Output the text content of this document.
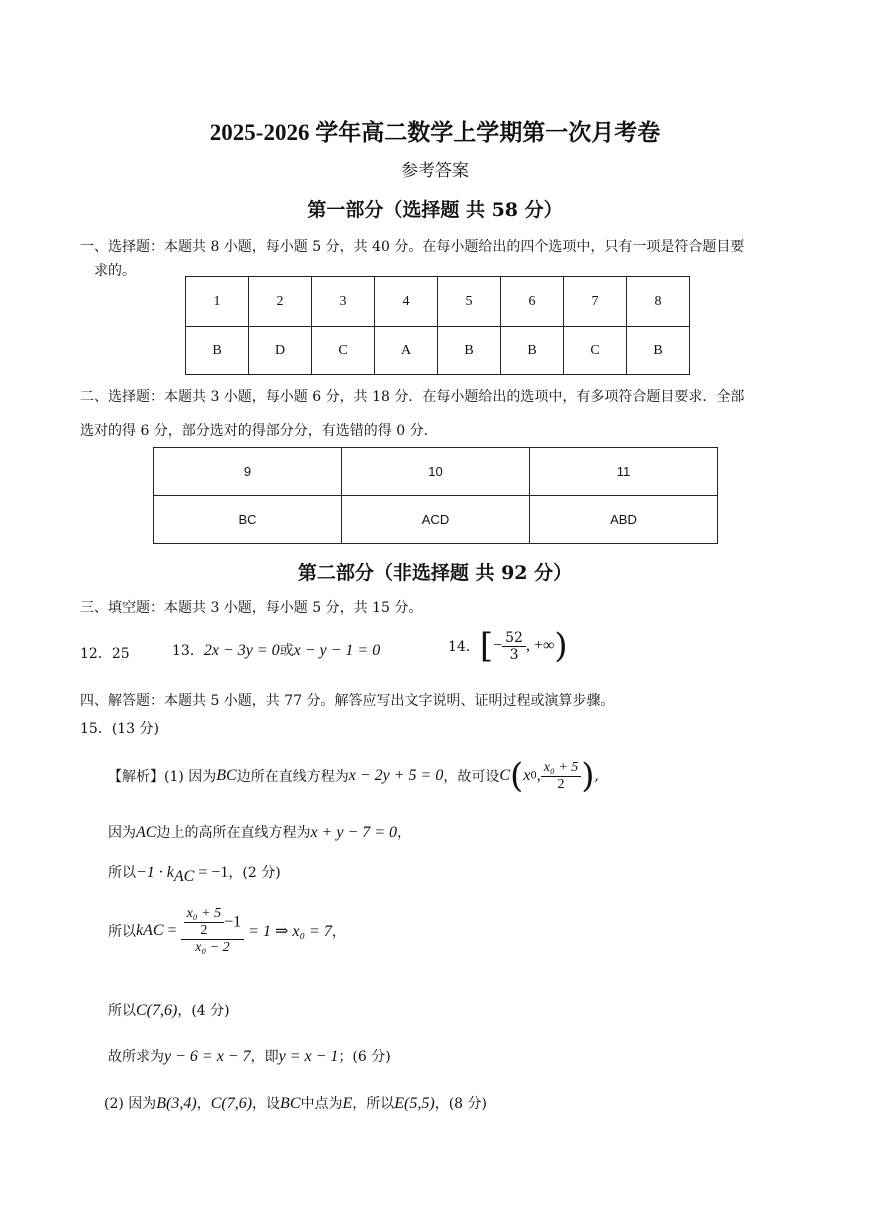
2025-2026 学年高二数学上学期第一次月考卷
参考答案
第一部分（选择题 共 58 分）
一、选择题：本题共 8 小题，每小题 5 分，共 40 分。在每小题给出的四个选项中，只有一项是符合题目要
求的。
1	2	3	4	5	6	7	8
B	D	C	A	B	B	C	B
二、选择题：本题共 3 小题，每小题 6 分，共 18 分．在每小题给出的选项中，有多项符合题目要求．全部
选对的得 6 分，部分选对的得部分分，有选错的得 0 分．
9	10	11
BC	ACD	ABD
第二部分（非选择题 共 92 分）
三、填空题：本题共 3 小题，每小题 5 分，共 15 分。
12．25	13．2x − 3y = 0或x − y − 1 = 0	14．[− $\frac{52}{3}$ , +∞)
四、解答题：本题共 5 小题，共 77 分。解答应写出文字说明、证明过程或演算步骤。
15．(13 分)
【解析】(1) 因为BC边所在直线方程为x − 2y + 5 = 0，故可设C(x0, $\frac{\text{x₀ + 5}}{2}$ ),
因为AC边上的高所在直线方程为x + y − 7 = 0，
所以$-1 \cdot k_{AC} = -1$，(2 分)
所以kAC = $\frac{\frac{\text{x₀ + 5}}{2} -1}{\text{x₀ − 2}} = 1$ ⇒ x₀ = 7，
所以C(7,6)，(4 分)
故所求为y − 6 = x − 7，即y = x − 1；(6 分)
(2) 因为B(3,4)，C(7,6)，设BC中点为E，所以E(5,5)，(8 分)
